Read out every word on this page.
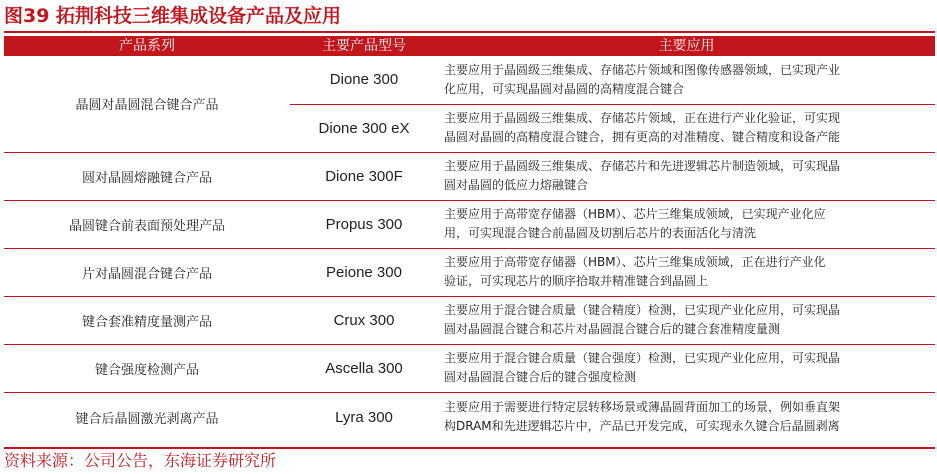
图39 拓荆科技三维集成设备产品及应用
产品系列	主要产品型号	主要应用
晶圆对晶圆混合键合产品	Dione 300	主要应用于晶圆级三维集成、存储芯片领域和图像传感器领域，已实现产业
化应用，可实现晶圆对晶圆的高精度混合键合

	Dione 300 eX	主要应用于晶圆级三维集成、存储芯片领域，正在进行产业化验证，可实现
晶圆对晶圆的高精度混合键合，拥有更高的对准精度、键合精度和设备产能

圆对晶圆熔融键合产品	Dione 300F	主要应用于晶圆级三维集成、存储芯片和先进逻辑芯片制造领域，可实现晶
圆对晶圆的低应力熔融键合

晶圆键合前表面预处理产品	Propus 300	主要应用于高带宽存储器（HBM）、芯片三维集成领域，已实现产业化应
用，可实现混合键合前晶圆及切割后芯片的表面活化与清洗

片对晶圆混合键合产品	Peione 300	主要应用于高带宽存储器（HBM）、芯片三维集成领域，正在进行产业化
验证，可实现芯片的顺序拾取并精准键合到晶圆上

键合套准精度量测产品	Crux 300	主要应用于混合键合质量（键合精度）检测，已实现产业化应用，可实现晶
圆对晶圆混合键合和芯片对晶圆混合键合后的键合套准精度量测

键合强度检测产品	Ascella 300	主要应用于混合键合质量（键合强度）检测，已实现产业化应用，可实现晶
圆对晶圆混合键合后的键合强度检测

键合后晶圆激光剥离产品	Lyra 300	主要应用于需要进行特定层转移场景或薄晶圆背面加工的场景，例如垂直架
构DRAM和先进逻辑芯片中，产品已开发完成，可实现永久键合后晶圆剥离
资料来源：公司公告，东海证券研究所
